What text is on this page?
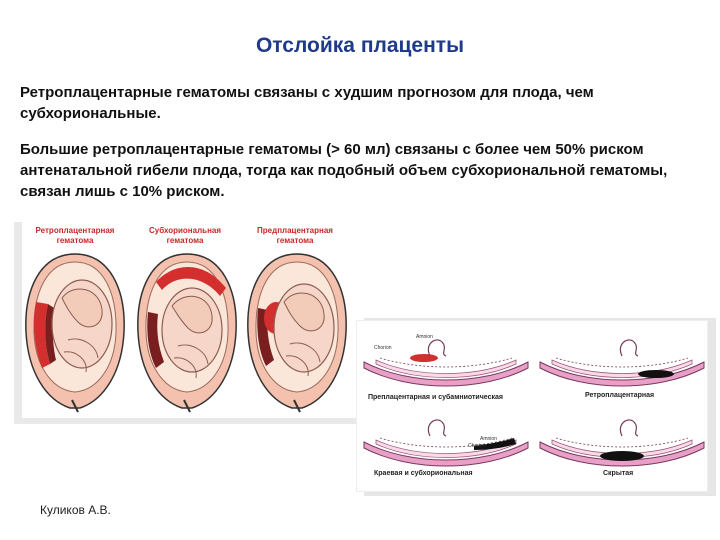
Отслойка плаценты
Ретроплацентарные гематомы связаны с худшим прогнозом для плода, чем субхориональные.
Большие ретроплацентарные гематомы (> 60 мл) связаны с более чем 50% риском антенатальной гибели плода, тогда как подобный объем субхориональной гематомы, связан лишь с 10% риском.
Ретроплацентарная гематома
Субхориональная гематома
Предплацентарная гематома
Amnion
Chorion
Amnion
Chorion
Преплацентарная и субамниотическая	Ретроплацентарная
Краевая и субхориональная	Скрытая
Куликов А.В.
